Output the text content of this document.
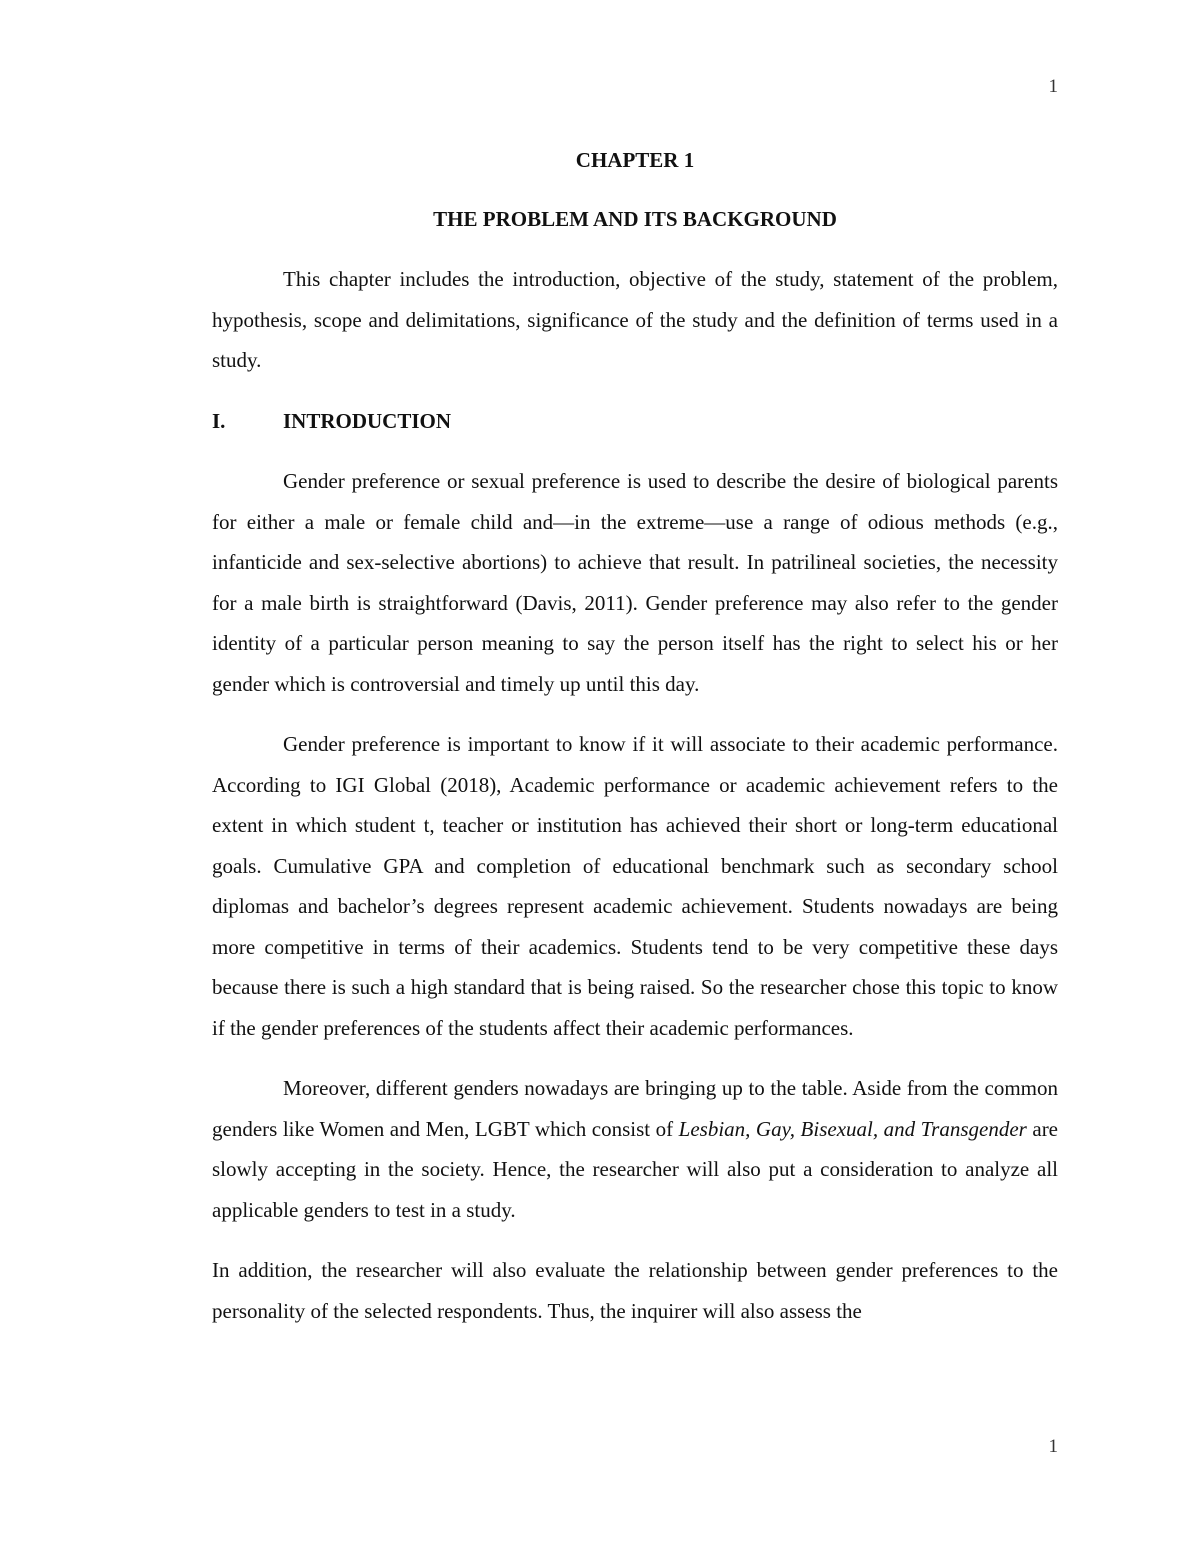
1

CHAPTER 1

THE PROBLEM AND ITS BACKGROUND

This chapter includes the introduction, objective of the study, statement of the problem, hypothesis, scope and delimitations, significance of the study and the definition of terms used in a study.

I.	INTRODUCTION

Gender preference or sexual preference is used to describe the desire of biological parents for either a male or female child and—in the extreme—use a range of odious methods (e.g., infanticide and sex-selective abortions) to achieve that result. In patrilineal societies, the necessity for a male birth is straightforward (Davis, 2011). Gender preference may also refer to the gender identity of a particular person meaning to say the person itself has the right to select his or her gender which is controversial and timely up until this day.

Gender preference is important to know if it will associate to their academic performance. According to IGI Global (2018), Academic performance or academic achievement refers to the extent in which student t, teacher or institution has achieved their short or long-term educational goals. Cumulative GPA and completion of educational benchmark such as secondary school diplomas and bachelor’s degrees represent academic achievement. Students nowadays are being more competitive in terms of their academics. Students tend to be very competitive these days because there is such a high standard that is being raised. So the researcher chose this topic to know if the gender preferences of the students affect their academic performances.

Moreover, different genders nowadays are bringing up to the table. Aside from the common genders like Women and Men, LGBT which consist of Lesbian, Gay, Bisexual, and Transgender are slowly accepting in the society. Hence, the researcher will also put a consideration to analyze all applicable genders to test in a study.

In addition, the researcher will also evaluate the relationship between gender preferences to the personality of the selected respondents. Thus, the inquirer will also assess the

1
